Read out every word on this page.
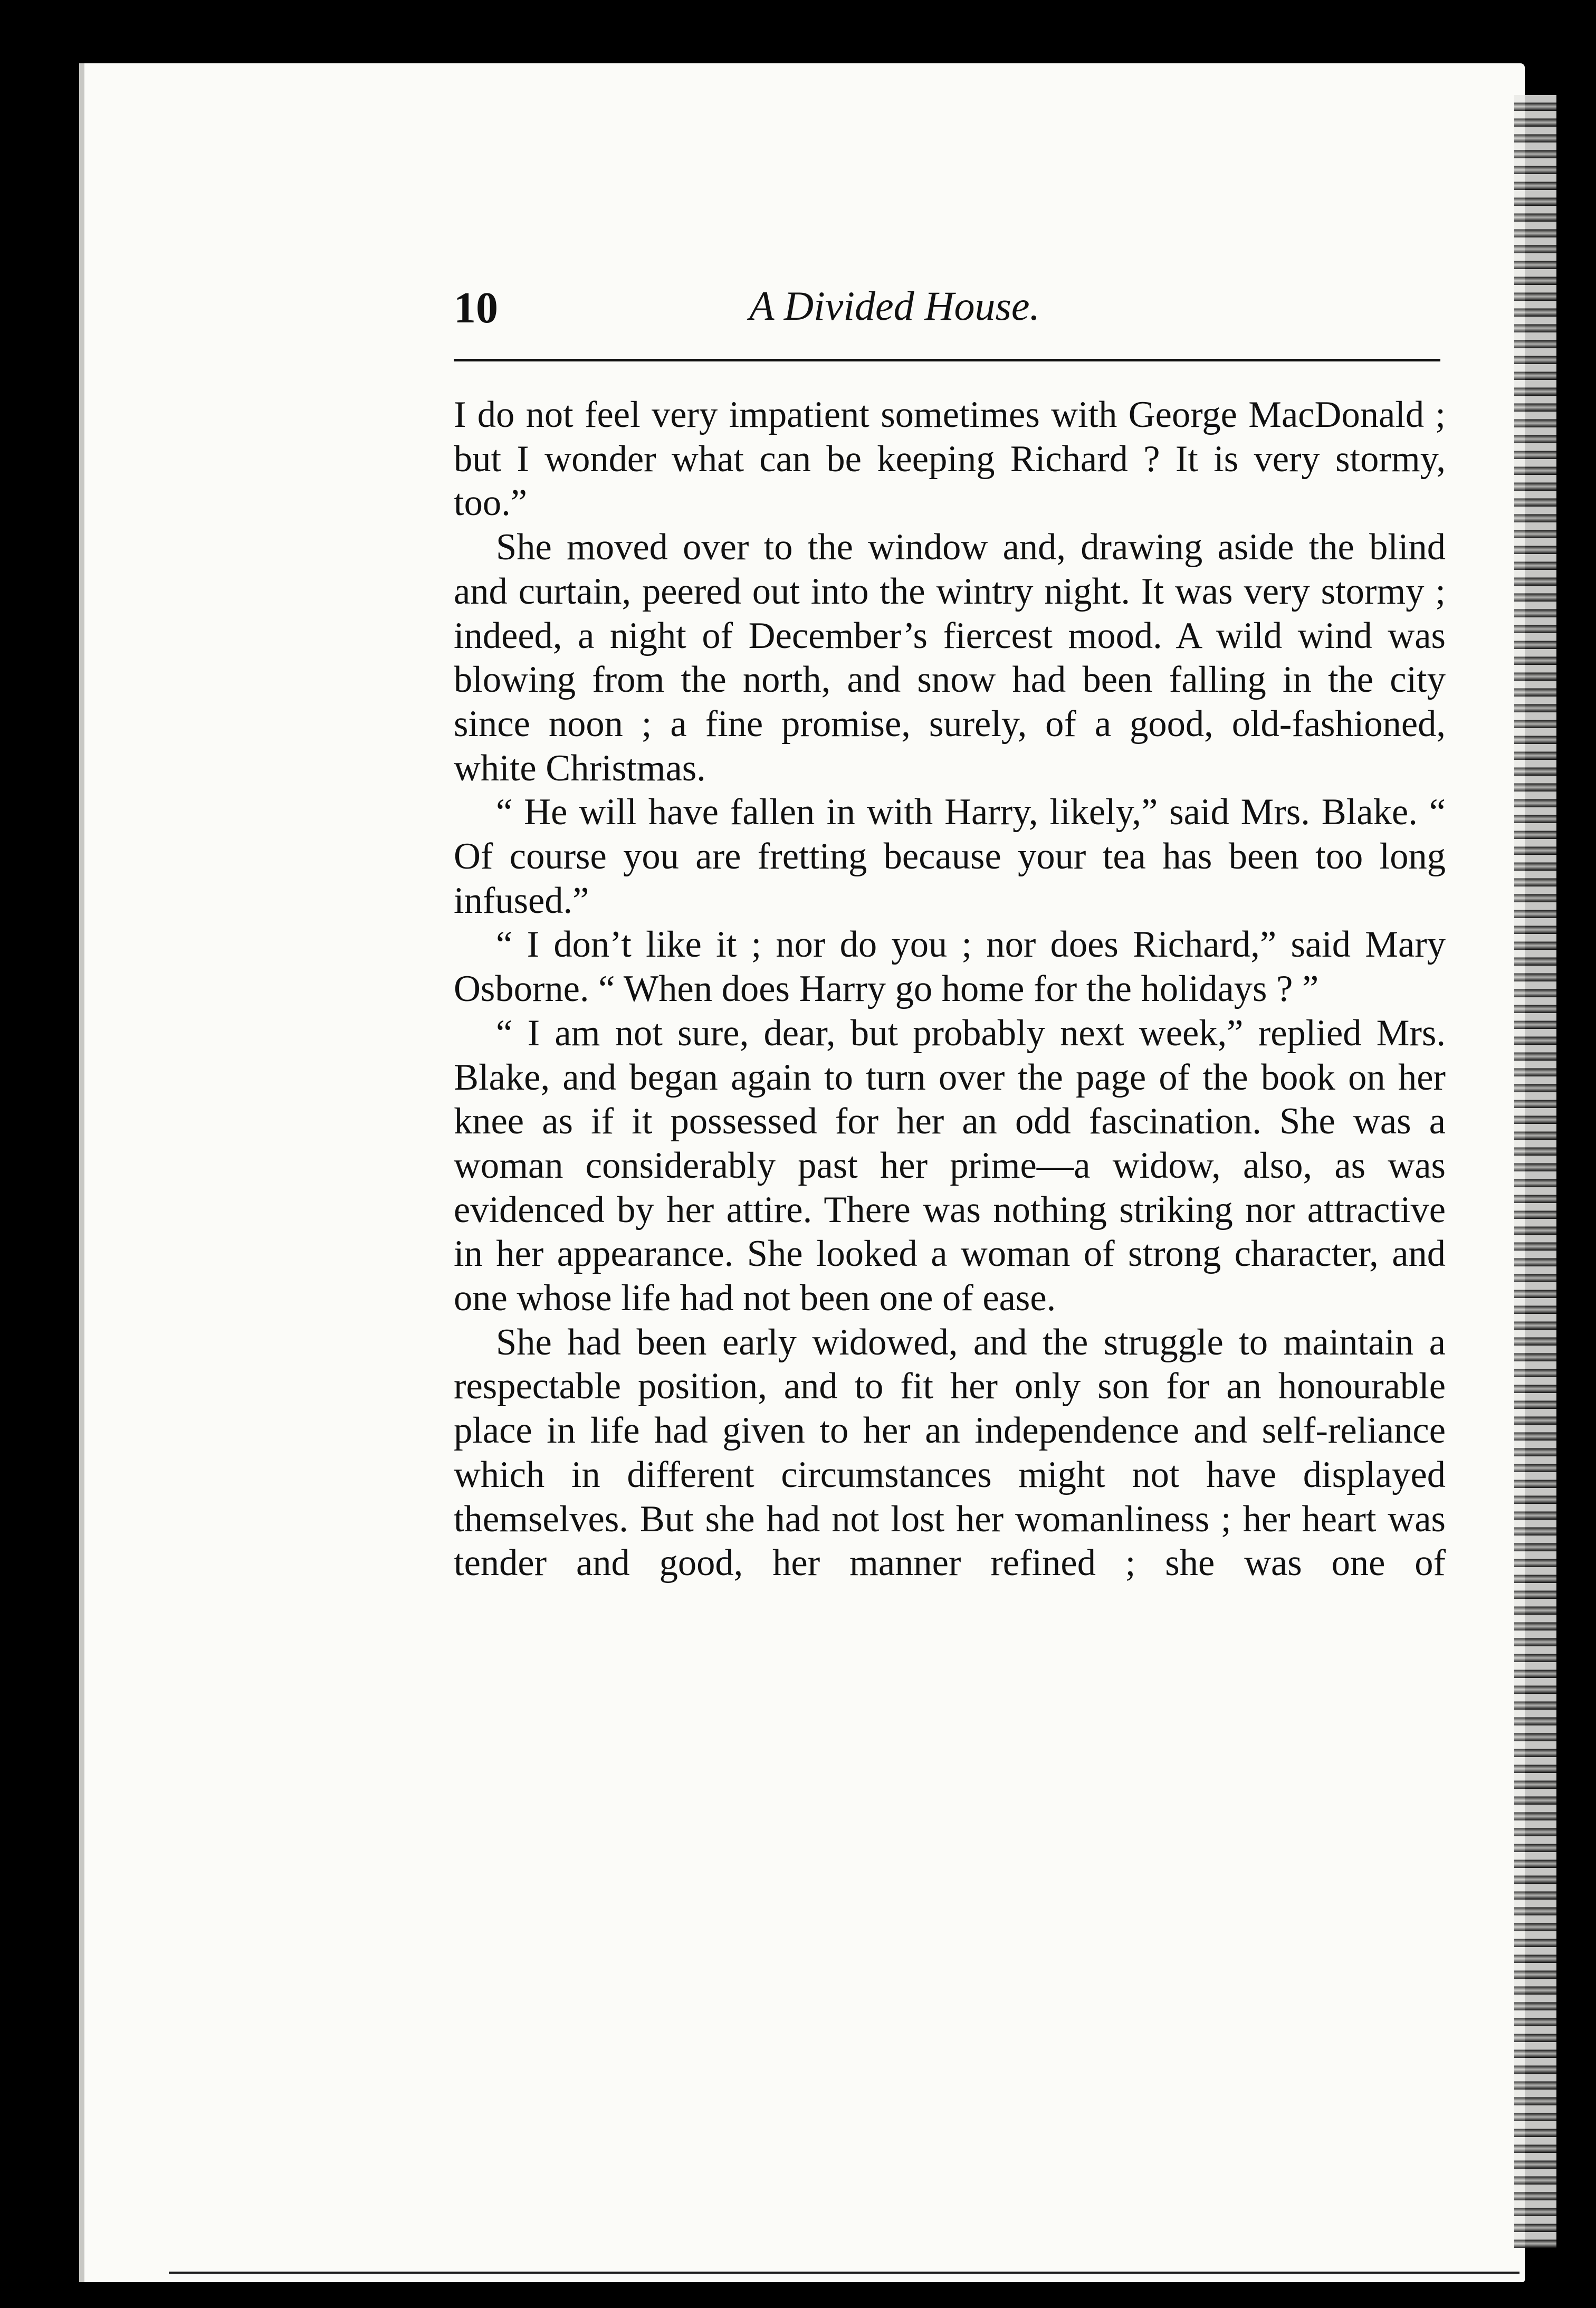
10	A Divided House.

I do not feel very impatient sometimes with George MacDonald ; but I wonder what can be keeping Richard ? It is very stormy, too.”

She moved over to the window and, drawing aside the blind and curtain, peered out into the wintry night. It was very stormy ; indeed, a night of December’s fiercest mood. A wild wind was blowing from the north, and snow had been falling in the city since noon ; a fine promise, surely, of a good, old-fashioned, white Christmas.

“ He will have fallen in with Harry, likely,” said Mrs. Blake. “ Of course you are fretting because your tea has been too long infused.”

“ I don’t like it ; nor do you ; nor does Richard,” said Mary Osborne. “ When does Harry go home for the holidays ? ”

“ I am not sure, dear, but probably next week,” replied Mrs. Blake, and began again to turn over the page of the book on her knee as if it possessed for her an odd fascination. She was a woman considerably past her prime—a widow, also, as was evidenced by her attire. There was nothing striking nor attractive in her appearance. She looked a woman of strong character, and one whose life had not been one of ease.

She had been early widowed, and the struggle to maintain a respectable position, and to fit her only son for an honourable place in life had given to her an independence and self-reliance which in different circumstances might not have displayed themselves. But she had not lost her womanliness ; her heart was tender and good, her manner refined ; she was one of
